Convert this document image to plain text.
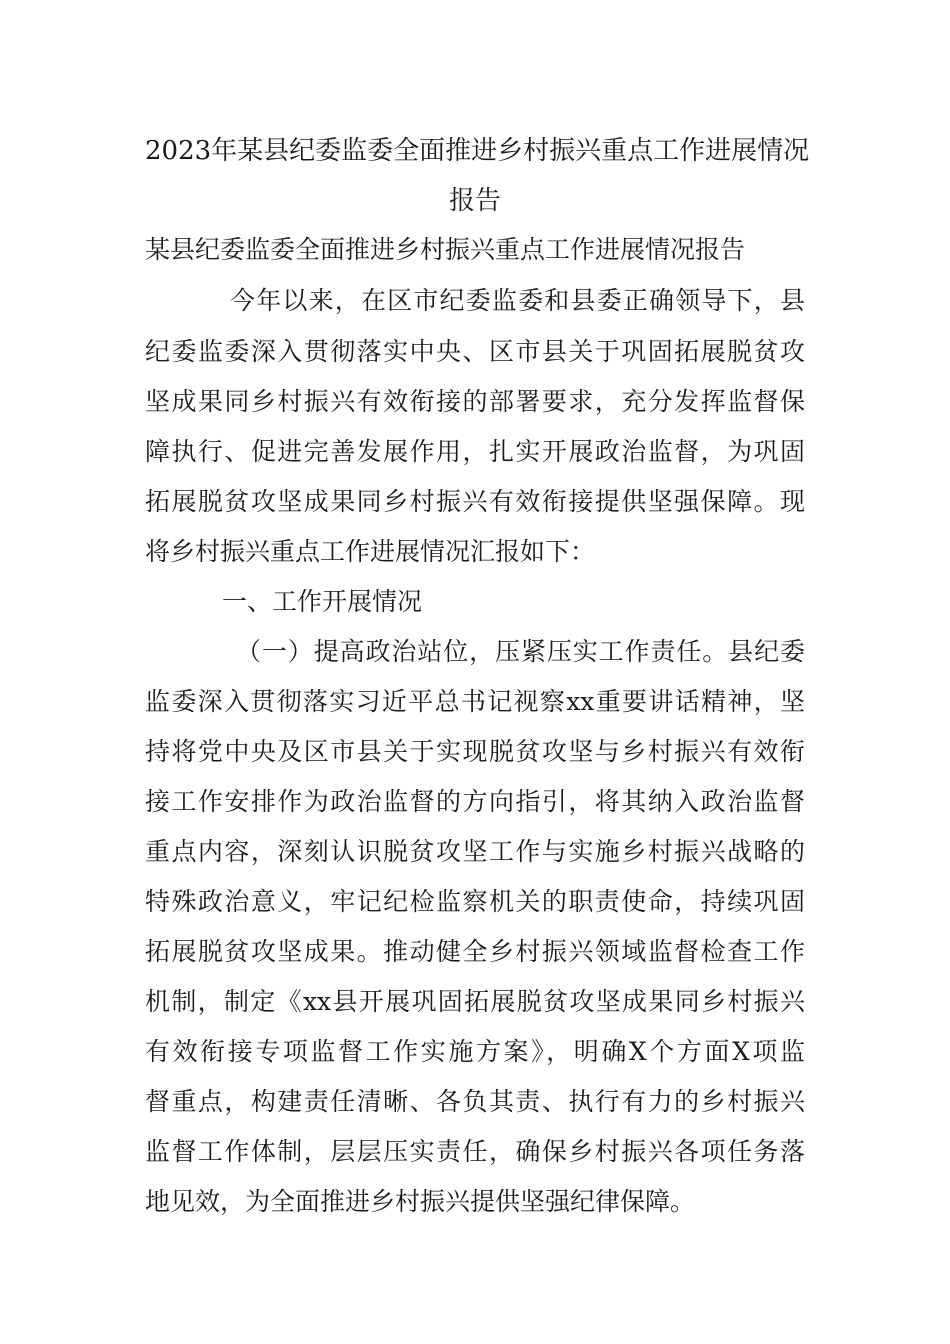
2023年某县纪委监委全面推进乡村振兴重点工作进展情况
报告
某县纪委监委全面推进乡村振兴重点工作进展情况报告
今年以来，在区市纪委监委和县委正确领导下，县
纪委监委深入贯彻落实中央、区市县关于巩固拓展脱贫攻
坚成果同乡村振兴有效衔接的部署要求，充分发挥监督保
障执行、促进完善发展作用，扎实开展政治监督，为巩固
拓展脱贫攻坚成果同乡村振兴有效衔接提供坚强保障。现
将乡村振兴重点工作进展情况汇报如下：
一、工作开展情况
（一）提高政治站位，压紧压实工作责任。县纪委
监委深入贯彻落实习近平总书记视察xx重要讲话精神，坚
持将党中央及区市县关于实现脱贫攻坚与乡村振兴有效衔
接工作安排作为政治监督的方向指引，将其纳入政治监督
重点内容，深刻认识脱贫攻坚工作与实施乡村振兴战略的
特殊政治意义，牢记纪检监察机关的职责使命，持续巩固
拓展脱贫攻坚成果。推动健全乡村振兴领域监督检查工作
机制，制定《xx县开展巩固拓展脱贫攻坚成果同乡村振兴
有效衔接专项监督工作实施方案》，明确X个方面X项监
督重点，构建责任清晰、各负其责、执行有力的乡村振兴
监督工作体制，层层压实责任，确保乡村振兴各项任务落
地见效，为全面推进乡村振兴提供坚强纪律保障。
